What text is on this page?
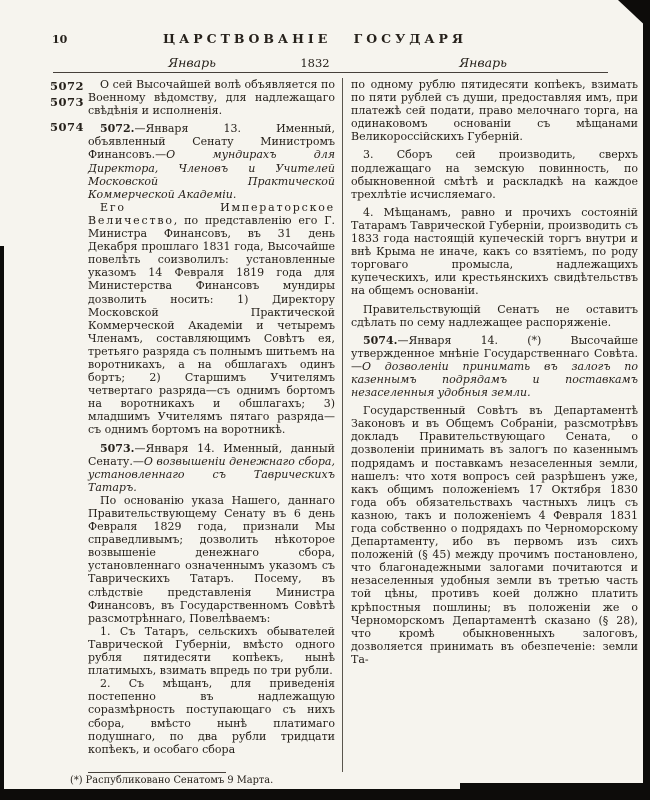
10	ЦАРСТВОВАНІЕ ГОСУДАРЯ
Январь	1832	Январь
5072
5073
5074

О сей Высочайшей волѣ объявляется по Военному вѣдомству, для надлежащаго свѣдѣнія и исполненія.

5072.—Января 13. Именный, объявленный Сенату Министромъ Финансовъ.—О мундирахъ для Директора, Членовъ и Учителей Московской Практической Коммерческой Академіи.

Его Императорское Величество, по представленію его Г. Министра Финансовъ, въ 31 день Декабря прошлаго 1831 года, Высочайше повелѣть соизволилъ: установленные указомъ 14 Февраля 1819 года для Министерства Финансовъ мундиры дозволить носить: 1) Директору Московской Практической Коммерческой Академіи и четыремъ Членамъ, составляющимъ Совѣтъ ея, третьяго разряда съ полнымъ шитьемъ на воротникахъ, а на обшлагахъ одинъ бортъ; 2) Старшимъ Учителямъ четвертаго разряда—съ однимъ бортомъ на воротникахъ и обшлагахъ; 3) младшимъ Учителямъ пятаго разряда—съ однимъ бортомъ на воротникѣ.

5073.—Января 14. Именный, данный Сенату.—О возвышеніи денежнаго сбора, установленнаго съ Таврическихъ Татаръ.

По основанію указа Нашего, даннаго Правительствующему Сенату въ 6 день Февраля 1829 года, признали Мы справедливымъ; дозволить нѣкоторое возвышеніе денежнаго сбора, установленнаго означеннымъ указомъ съ Таврическихъ Татаръ. Посему, въ слѣдствіе представленія Министра Финансовъ, въ Государственномъ Совѣтѣ разсмотрѣннаго, Повелѣваемъ:

1. Съ Татаръ, сельскихъ обывателей Таврической Губерніи, вмѣсто одного рубля пятидесяти копѣекъ, нынѣ платимыхъ, взимать впредь по три рубли.

2. Съ мѣщанъ, для приведенія постепенно въ надлежащую соразмѣрность поступающаго съ нихъ сбора, вмѣсто нынѣ платимаго подушнаго, по два рубли тридцати копѣекъ, и особаго сбора

по одному рублю пятидесяти копѣекъ, взимать по пяти рублей съ души, предоставляя имъ, при платежѣ сей подати, право мелочнаго торга, на одинаковомъ основаніи съ мѣщанами Великороссійскихъ Губерній.

3. Сборъ сей производить, сверхъ подлежащаго на земскую повинность, по обыкновенной смѣтѣ и раскладкѣ на каждое трехлѣтіе исчисляемаго.

4. Мѣщанамъ, равно и прочихъ состояній Татарамъ Таврической Губерніи, производить съ 1833 года настоящій купеческій торгъ внутри и внѣ Крыма не иначе, какъ со взятіемъ, по роду торговаго промысла, надлежащихъ купеческихъ, или крестьянскихъ свидѣтельствъ на общемъ основаніи.

Правительствующій Сенатъ не оставитъ сдѣлать по сему надлежащее распоряженіе.

5074.—Января 14. (*) Высочайше утвержденное мнѣніе Государственнаго Совѣта.—О дозволеніи принимать въ залогъ по казеннымъ подрядамъ и поставкамъ незаселенныя удобныя земли.

Государственный Совѣтъ въ Департаментѣ Законовъ и въ Общемъ Собраніи, разсмотрѣвъ докладъ Правительствующаго Сената, о дозволеніи принимать въ залогъ по казеннымъ подрядамъ и поставкамъ незаселенныя земли, нашелъ: что хотя вопросъ сей разрѣшенъ уже, какъ общимъ положеніемъ 17 Октября 1830 года объ обязательствахъ частныхъ лицъ съ казною, такъ и положеніемъ 4 Февраля 1831 года собственно о подрядахъ по Черноморскому Департаменту, ибо въ первомъ изъ сихъ положеній (§ 45) между прочимъ постановлено, что благонадежными залогами почитаются и незаселенныя удобныя земли въ третью часть той цѣны, противъ коей должно платить крѣпостныя пошлины; въ положеніи же о Черноморскомъ Департаментѣ сказано (§ 28), что кромѣ обыкновенныхъ залоговъ, дозволяется принимать въ обезпеченіе: земли Та-

(*) Распубликовано Сенатомъ 9 Марта.
